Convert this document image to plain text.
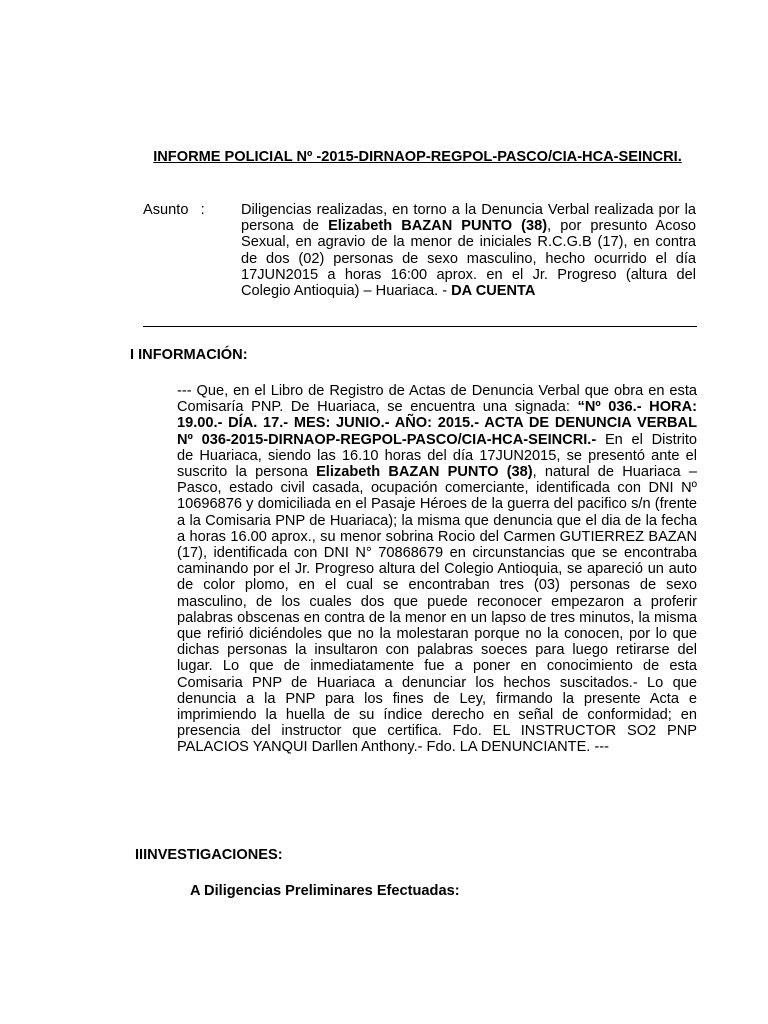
INFORME POLICIAL Nº -2015-DIRNAOP-REGPOL-PASCO/CIA-HCA-SEINCRI.
Asunto   : Diligencias realizadas, en torno a la Denuncia Verbal realizada por la persona de Elizabeth BAZAN PUNTO (38), por presunto Acoso Sexual, en agravio de la menor de iniciales R.C.G.B (17), en contra de dos (02) personas de sexo masculino, hecho ocurrido el día 17JUN2015 a horas 16:00 aprox. en el Jr. Progreso (altura del Colegio Antioquia) – Huariaca. - DA CUENTA
I INFORMACIÓN:
--- Que, en el Libro de Registro de Actas de Denuncia Verbal que obra en esta Comisaría PNP. De Huariaca, se encuentra una signada: “Nº 036.- HORA: 19.00.- DÍA. 17.- MES: JUNIO.- AÑO: 2015.- ACTA DE DENUNCIA VERBAL Nº 036-2015-DIRNAOP-REGPOL-PASCO/CIA-HCA-SEINCRI.- En el Distrito de Huariaca, siendo las 16.10 horas del día 17JUN2015, se presentó ante el suscrito la persona Elizabeth BAZAN PUNTO (38), natural de Huariaca – Pasco, estado civil casada, ocupación comerciante, identificada con DNI Nº 10696876 y domiciliada en el Pasaje Héroes de la guerra del pacifico s/n (frente a la Comisaria PNP de Huariaca); la misma que denuncia que el dia de la fecha a horas 16.00 aprox., su menor sobrina Rocio del Carmen GUTIERREZ BAZAN (17), identificada con DNI N° 70868679 en circunstancias que se encontraba caminando por el Jr. Progreso altura del Colegio Antioquia, se apareció un auto de color plomo, en el cual se encontraban tres (03) personas de sexo masculino, de los cuales dos que puede reconocer empezaron a proferir palabras obscenas en contra de la menor en un lapso de tres minutos, la misma que refirió diciéndoles que no la molestaran porque no la conocen, por lo que dichas personas la insultaron con palabras soeces para luego retirarse del lugar. Lo que de inmediatamente fue a poner en conocimiento de esta Comisaria PNP de Huariaca a denunciar los hechos suscitados.- Lo que denuncia a la PNP para los fines de Ley, firmando la presente Acta e imprimiendo la huella de su índice derecho en señal de conformidad; en presencia del instructor que certifica. Fdo. EL INSTRUCTOR SO2 PNP PALACIOS YANQUI Darllen Anthony.- Fdo. LA DENUNCIANTE. ---
IIINVESTIGACIONES:
A Diligencias Preliminares Efectuadas:
